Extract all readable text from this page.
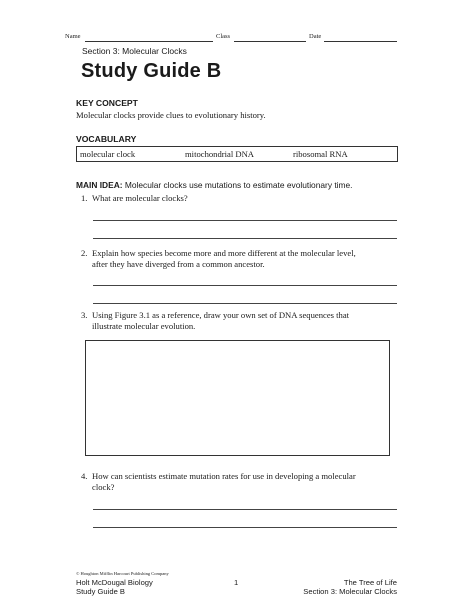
Name	Class	Date
Section 3: Molecular Clocks
Study Guide B
KEY CONCEPT
Molecular clocks provide clues to evolutionary history.
VOCABULARY
molecular clock	mitochondrial DNA	ribosomal RNA
MAIN IDEA: Molecular clocks use mutations to estimate evolutionary time.
1. What are molecular clocks?
2. Explain how species become more and more different at the molecular level,
after they have diverged from a common ancestor.
3. Using Figure 3.1 as a reference, draw your own set of DNA sequences that
illustrate molecular evolution.
4. How can scientists estimate mutation rates for use in developing a molecular
clock?
© Houghton Mifflin Harcourt Publishing Company
Holt McDougal Biology
Study Guide B
1	The Tree of Life
Section 3: Molecular Clocks
